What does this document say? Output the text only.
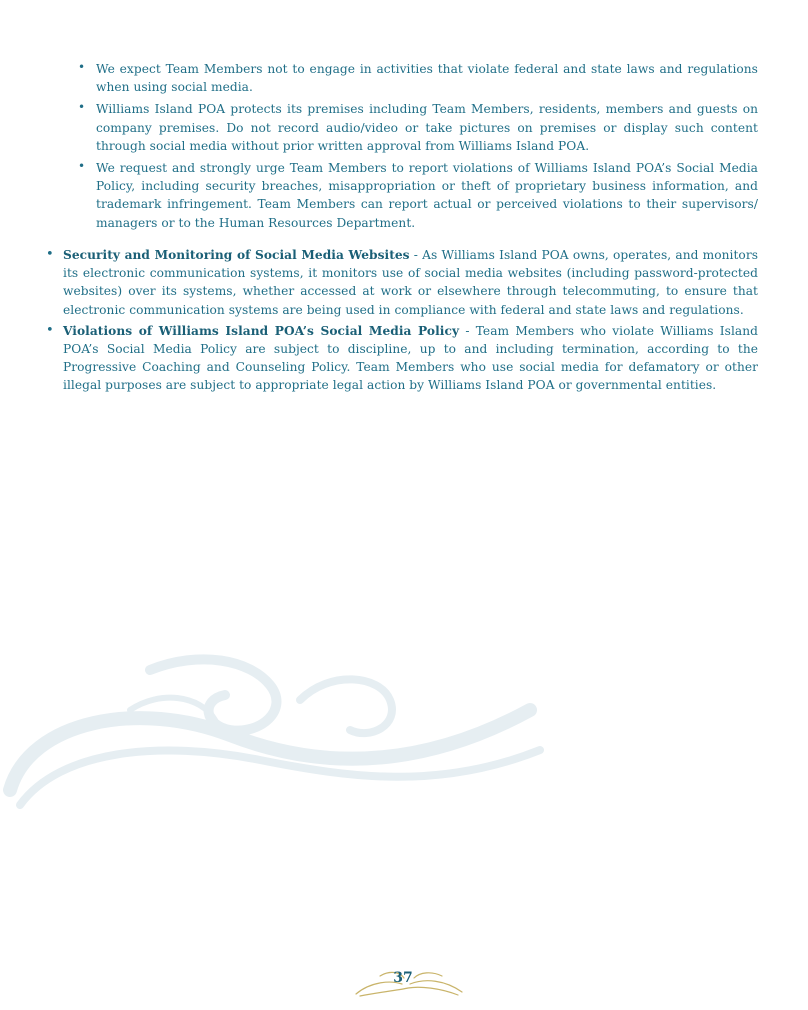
• We expect Team Members not to engage in activities that violate federal and state laws and regulations when using social media.
• Williams Island POA protects its premises including Team Members, residents, members and guests on company premises. Do not record audio/video or take pictures on premises or display such content through social media without prior written approval from Williams Island POA.
• We request and strongly urge Team Members to report violations of Williams Island POA’s Social Media Policy, including security breaches, misappropriation or theft of proprietary business information, and trademark infringement. Team Members can report actual or perceived violations to their supervisors/ managers or to the Human Resources Department.
• Security and Monitoring of Social Media Websites - As Williams Island POA owns, operates, and monitors its electronic communication systems, it monitors use of social media websites (including password-protected websites) over its systems, whether accessed at work or elsewhere through telecommuting, to ensure that electronic communication systems are being used in compliance with federal and state laws and regulations.
• Violations of Williams Island POA’s Social Media Policy - Team Members who violate Williams Island POA’s Social Media Policy are subject to discipline, up to and including termination, according to the Progressive Coaching and Counseling Policy. Team Members who use social media for defamatory or other illegal purposes are subject to appropriate legal action by Williams Island POA or governmental entities.
37
